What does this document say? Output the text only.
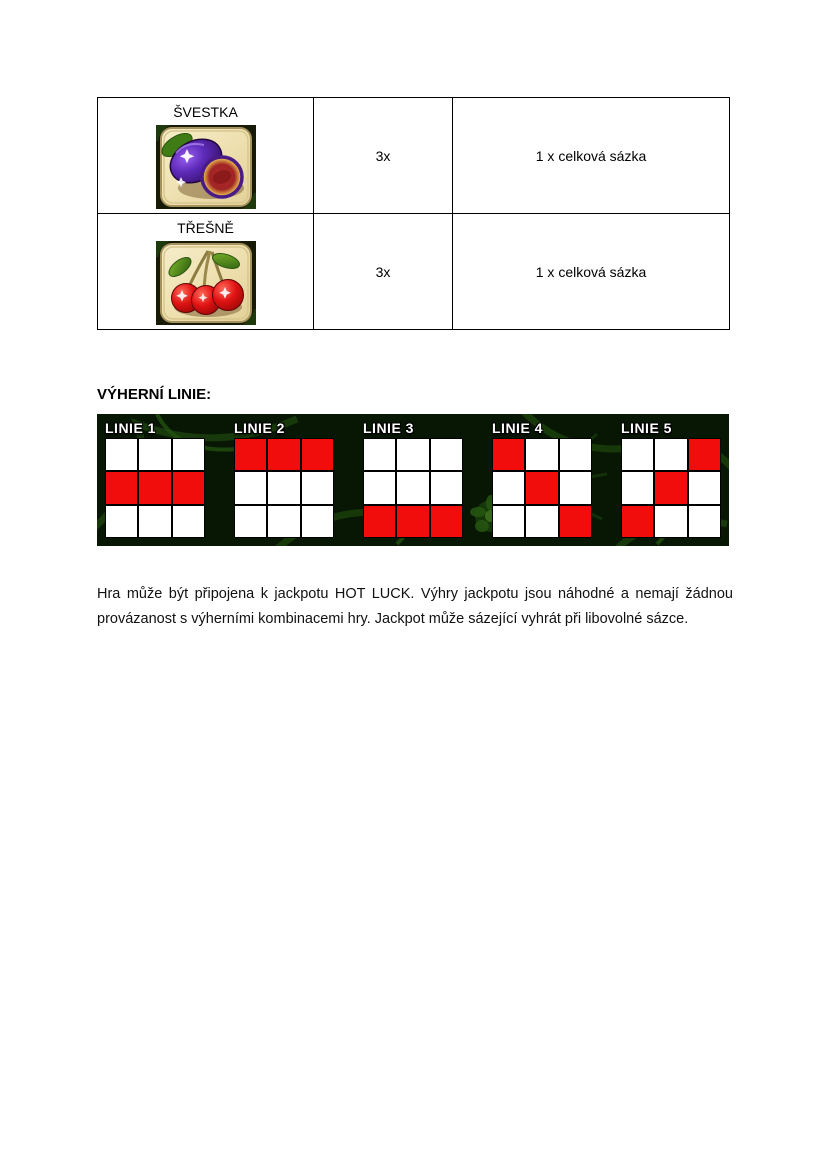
ŠVESTKA	3x	1 x celková sázka

TŘEŠNĚ	3x	1 x celková sázka
VÝHERNÍ LINIE:
LINIE 1	LINIE 2	LINIE 3	LINIE 4	LINIE 5

Hra může být připojena k jackpotu HOT LUCK. Výhry jackpotu jsou náhodné a nemají žádnou provázanost s výherními kombinacemi hry. Jackpot může sázející vyhrát při libovolné sázce.
